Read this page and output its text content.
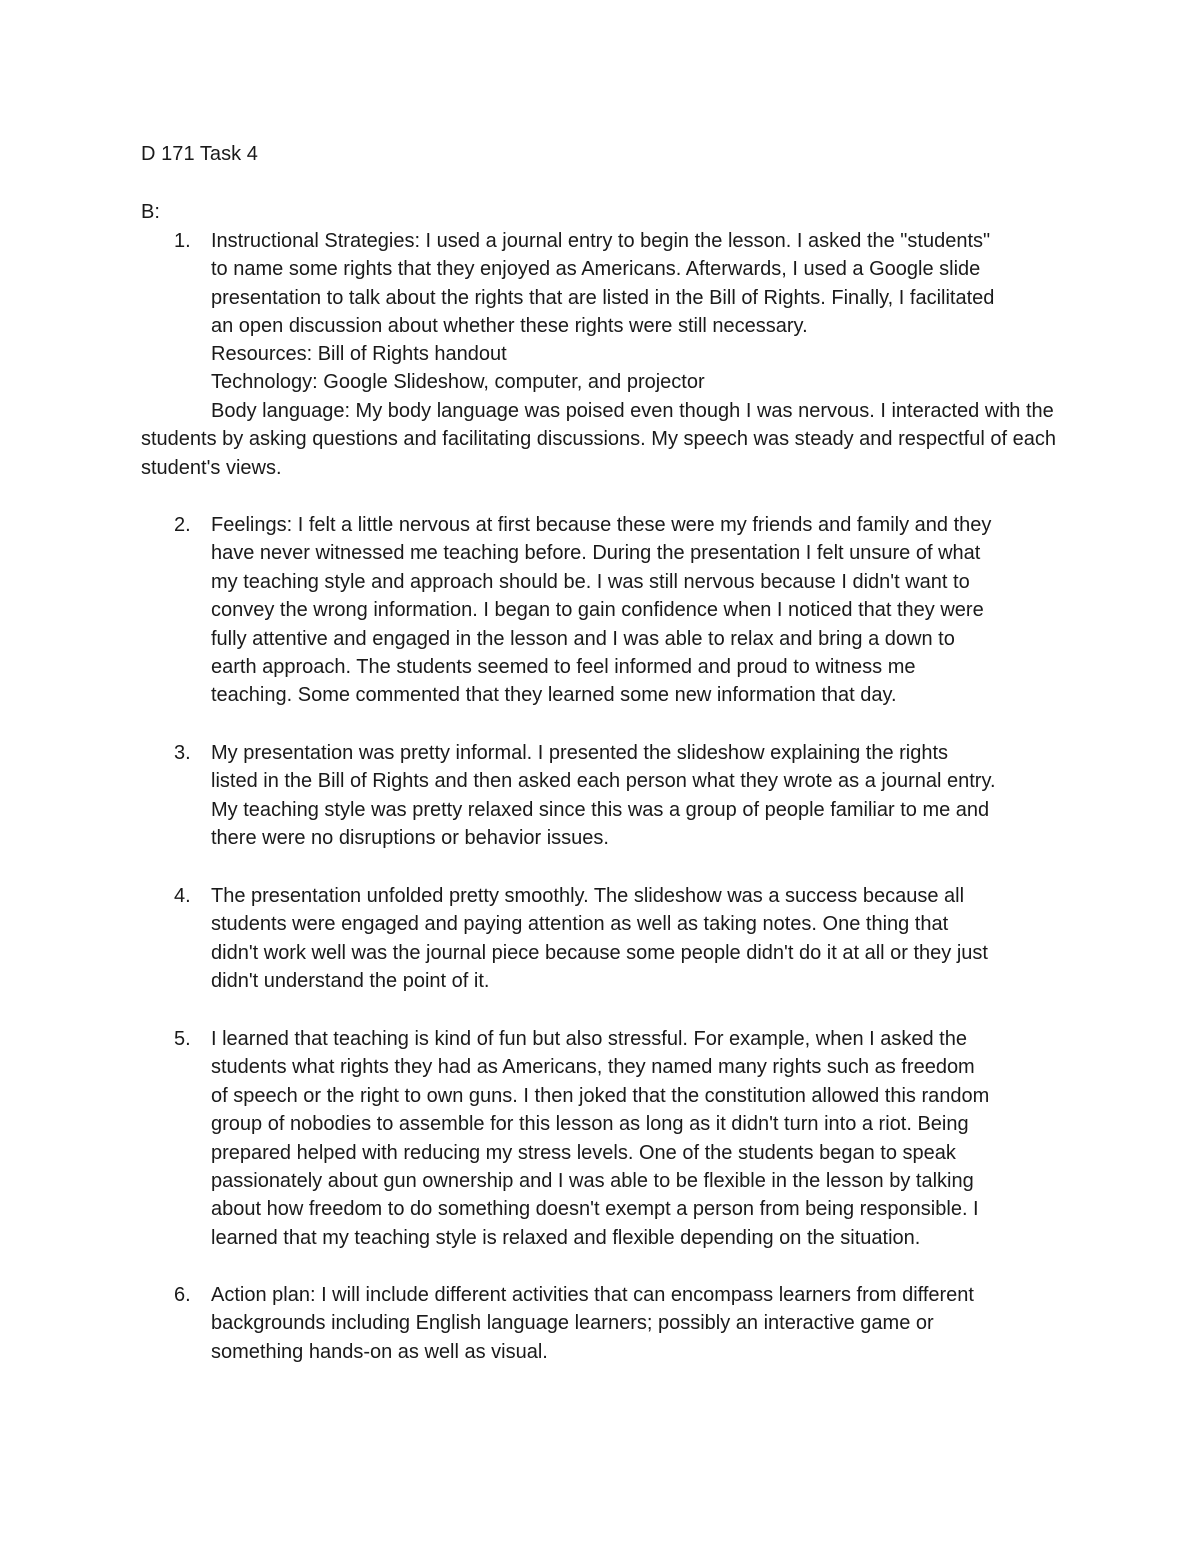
D 171 Task 4
B:
1. Instructional Strategies: I used a journal entry to begin the lesson. I asked the "students"
to name some rights that they enjoyed as Americans. Afterwards, I used a Google slide
presentation to talk about the rights that are listed in the Bill of Rights. Finally, I facilitated
an open discussion about whether these rights were still necessary.
Resources: Bill of Rights handout
Technology: Google Slideshow, computer, and projector
Body language: My body language was poised even though I was nervous. I interacted with the students by asking questions and facilitating discussions. My speech was steady and respectful of each student's views.
2. Feelings: I felt a little nervous at first because these were my friends and family and they
have never witnessed me teaching before. During the presentation I felt unsure of what
my teaching style and approach should be. I was still nervous because I didn't want to
convey the wrong information. I began to gain confidence when I noticed that they were
fully attentive and engaged in the lesson and I was able to relax and bring a down to
earth approach. The students seemed to feel informed and proud to witness me
teaching. Some commented that they learned some new information that day.
3. My presentation was pretty informal. I presented the slideshow explaining the rights
listed in the Bill of Rights and then asked each person what they wrote as a journal entry.
My teaching style was pretty relaxed since this was a group of people familiar to me and
there were no disruptions or behavior issues.
4. The presentation unfolded pretty smoothly. The slideshow was a success because all
students were engaged and paying attention as well as taking notes. One thing that
didn't work well was the journal piece because some people didn't do it at all or they just
didn't understand the point of it.
5. I learned that teaching is kind of fun but also stressful. For example, when I asked the
students what rights they had as Americans, they named many rights such as freedom
of speech or the right to own guns. I then joked that the constitution allowed this random
group of nobodies to assemble for this lesson as long as it didn't turn into a riot. Being
prepared helped with reducing my stress levels. One of the students began to speak
passionately about gun ownership and I was able to be flexible in the lesson by talking
about how freedom to do something doesn't exempt a person from being responsible. I
learned that my teaching style is relaxed and flexible depending on the situation.
6. Action plan: I will include different activities that can encompass learners from different
backgrounds including English language learners; possibly an interactive game or
something hands-on as well as visual.
